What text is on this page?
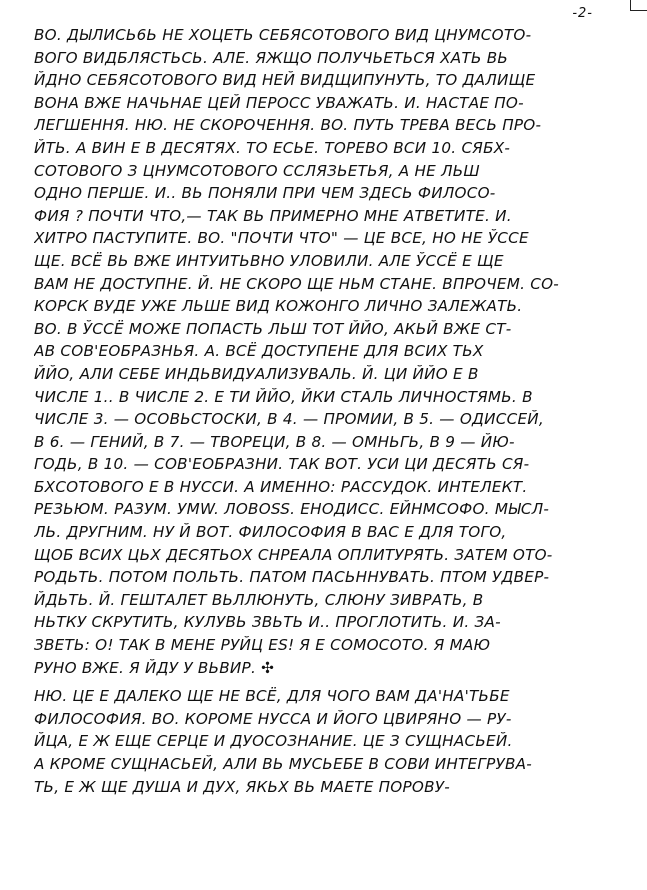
-2-
ВО. ДЫЛИСЬ6Ь НЕ ХОЦЕТЬ СЕБЯСОТОВОГО ВИД ЦНУМСОТО-
ВОГО ВИДБЛЯСТЬСЬ. АЛЕ. ЯЖЩО ПОЛУЧЬЕТЬСЯ ХАТЬ ВЬ
ЙДНО СЕБЯСОТОВОГО ВИД НЕЙ ВИДЩИПУНУТЬ, ТО ДАЛИЩЕ
ВОНА ВЖЕ НАЧЬНАЕ ЦЕЙ ПЕРОСС УВАЖАТЬ. И. НАСТАЕ ПО-
ЛЕГШЕННЯ. НЮ. НЕ СКОРОЧЕННЯ. ВО. ПУТЬ ТРЕВА ВЕСЬ ПРО-
ЙТЬ. А ВИН Е В ДЕСЯТЯХ. ТО ЕСЬЕ. ТОРЕВО ВСИ 10. СЯБХ-
СОТОВОГО З ЦНУМСОТОВОГО ССЛЯЗЬЕТЬЯ, А НЕ ЛЬШ
ОДНО ПЕРШЕ. И.. ВЬ ПОНЯЛИ ПРИ ЧЕМ ЗДЕСЬ ФИЛОСО-
ФИЯ ? ПОЧТИ ЧТО,— ТАК ВЬ ПРИМЕРНО МНЕ АТВЕТИТЕ. И.
ХИТРО ПАСТУПИТЕ. ВО. "ПОЧТИ ЧТО" — ЦЕ ВСЕ, НО НЕ ЎССЕ
ЩЕ. ВСЁ ВЬ ВЖЕ ИНТУИТЬВНО УЛОВИЛИ. АЛЕ ЎССЁ Е ЩЕ
ВАМ НЕ ДОСТУПНЕ. Й. НЕ СКОРО ЩЕ НЬМ СТАНЕ. ВПРОЧЕМ. СО-
КОРСК ВУДЕ УЖЕ ЛЬШЕ ВИД КОЖОНГО ЛИЧНО ЗАЛЕЖАТЬ.
ВО. В ЎССЁ МОЖЕ ПОПАСТЬ ЛЬШ ТОТ ЙЙО, АКЬЙ ВЖЕ СТ-
АВ СОВ'ЕОБРАЗНЬЯ. А. ВСЁ ДОСТУПЕНЕ ДЛЯ ВСИХ ТЬХ
ЙЙО, АЛИ СЕБЕ ИНДЬВИДУАЛИЗУВАЛЬ. Й. ЦИ ЙЙО Е В
ЧИСЛЕ 1.. В ЧИСЛЕ 2. Е ТИ ЙЙО, ЙКИ СТАЛЬ ЛИЧНОСТЯМЬ. В
ЧИСЛЕ 3. — ОСОВЬСТОСКИ, В 4. — ПРОМИИ, В 5. — ОДИССЕЙ,
В 6. — ГЕНИЙ, В 7. — ТВОРЕЦИ, В 8. — ОМНЬГЬ, В 9 — ЙЮ-
ГОДЬ, В 10. — СОВ'ЕОБРАЗНИ. ТАК ВОТ. УСИ ЦИ ДЕСЯТЬ СЯ-
БХСОТОВОГО Е В НУССИ. А ИМЕННО: РАССУДОК. ИНТЕЛЕКТ.
РЕЗЬЮМ. РАЗУМ. УМW. ЛОВОSS. ЕНОДИСС. ЕЙНМСОФО. МЫСЛ-
ЛЬ. ДРУГНИМ. НУ Й ВОТ. ФИЛОСОФИЯ В ВАС Е ДЛЯ ТОГО,
ЩОБ ВСИХ ЦЬХ ДЕСЯТЬОХ СНРЕАЛА ОПЛИТУРЯТЬ. ЗАТЕМ ОТО-
РОДЬТЬ. ПОТОМ ПОЛЬТЬ. ПАТОМ ПАСЬННУВАТЬ. ПТОМ УДВЕР-
ЙДЬТЬ. Й. ГЕШТАЛЕТ ВЬЛЛЮНУТЬ, СЛЮНУ ЗИВРАТЬ, В
НЬТКУ СКРУТИТЬ, КУЛУВЬ ЗВЬТЬ И.. ПРОГЛОТИТЬ. И. ЗА-
ЗВЕТЬ: О! ТАК В МЕНЕ РУЙЦ ES! Я Е СОМОСОТО. Я МАЮ
РУНО ВЖЕ. Я ЙДУ У ВЬВИР. ✣
НЮ. ЦЕ Е ДАЛЕКО ЩЕ НЕ ВСЁ, ДЛЯ ЧОГО ВАМ ДА'НА'ТЬБЕ
ФИЛОСОФИЯ. ВО. КОРОМЕ НУССА И ЙОГО ЦВИРЯНО — РУ-
ЙЦА, Е Ж ЕЩЕ СЕРЦЕ И ДУОСОЗНАНИЕ. ЦЕ З СУЩНАСЬЕЙ.
А КРОМЕ СУЩНАСЬЕЙ, АЛИ ВЬ МУСЬЕБЕ В СОВИ ИНТЕГРУВА-
ТЬ, Е Ж ЩЕ ДУША И ДУХ, ЯКЬХ ВЬ МАЕТЕ ПОРОВУ-
